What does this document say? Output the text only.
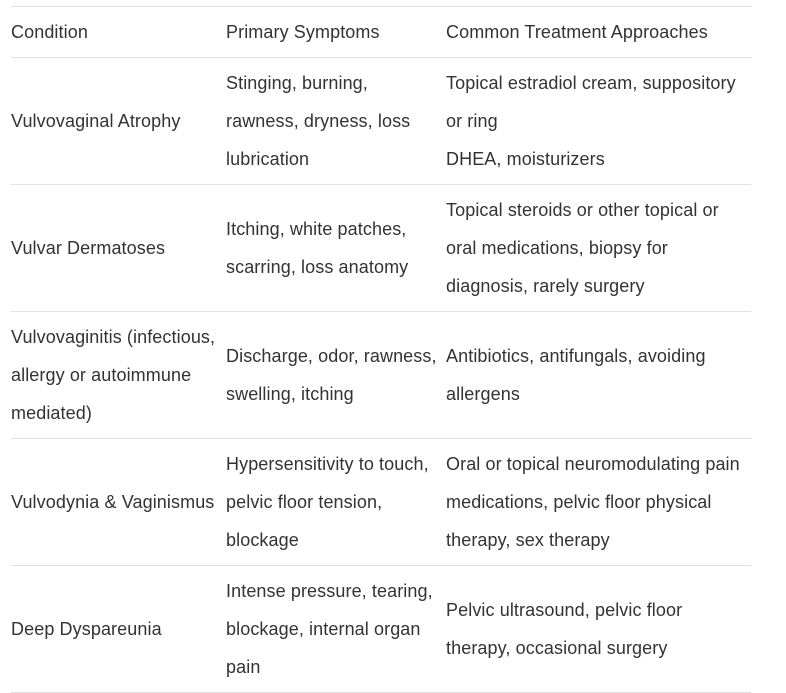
Condition	Primary Symptoms	Common Treatment Approaches

Vulvovaginal Atrophy	Stinging, burning, rawness, dryness, loss lubrication	Topical estradiol cream, suppository or ring
DHEA, moisturizers

Vulvar Dermatoses	Itching, white patches, scarring, loss anatomy	Topical steroids or other topical or oral medications, biopsy for diagnosis, rarely surgery

Vulvovaginitis (infectious, allergy or autoimmune mediated)	Discharge, odor, rawness, swelling, itching	Antibiotics, antifungals, avoiding allergens

Vulvodynia & Vaginismus	Hypersensitivity to touch, pelvic floor tension, blockage	Oral or topical neuromodulating pain medications, pelvic floor physical therapy, sex therapy

Deep Dyspareunia	Intense pressure, tearing, blockage, internal organ pain	Pelvic ultrasound, pelvic floor therapy, occasional surgery
